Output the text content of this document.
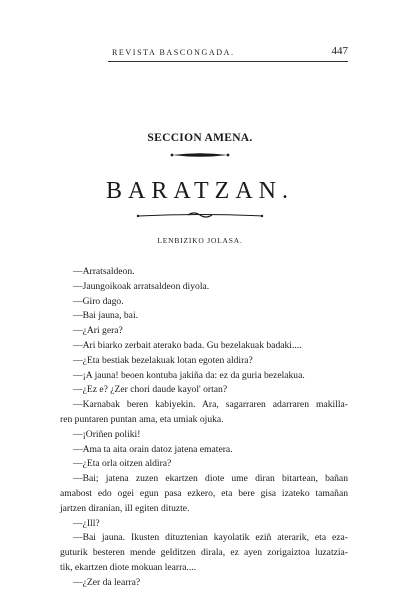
REVISTA BASCONGADA.	447
SECCION AMENA.
BARATZAN.
LENBIZIKO JOLASA.
—Arratsaldeon.
—Jaungoikoak arratsaldeon diyola.
—Giro dago.
—Bai jauna, bai.
—¿Ari gera?
—Ari biarko zerbait aterako bada. Gu bezelakuak badaki....
—¿Eta bestiak bezelakuak lotan egoten aldira?
—¡A jauna! beoen kontuba jakiña da: ez da guria bezelakua.
—¿Ez e? ¿Zer chori daude kayol' ortan?
—Karnabak beren kabiyekin. Ara, sagarraren adarraren makilla-
ren puntaren puntan ama, eta umiak ojuka.
—¡Oriñen poliki!
—Ama ta aita orain datoz jatena ematera.
—¿Eta orla oitzen aldira?
—Bai; jatena zuzen ekartzen diote ume diran bitartean, bañan
amabost edo ogei egun pasa ezkero, eta bere gisa izateko tamañan
jartzen diranian, ill egiten dituzte.
—¿Ill?
—Bai jauna. Ikusten dituztenian kayolatik eziñ aterarik, eta eza-
guturik besteren mende gelditzen dirala, ez ayen zorigaiztoa luzatzia-
tik, ekartzen diote mokuan learra....
—¿Zer da learra?
